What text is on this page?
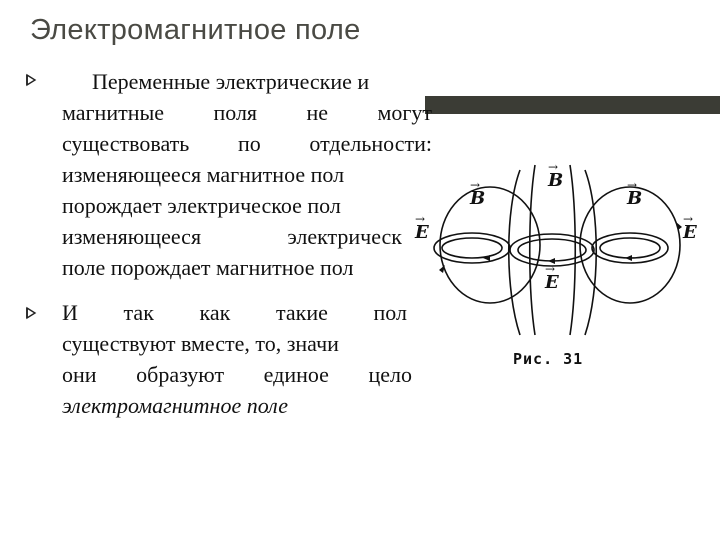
Электромагнитное поле
Переменные электрические и
магнитные поля не могут
существовать по отдельности:
изменяющееся магнитное пол
порождает электрическое пол
изменяющееся электрическ
поле порождает магнитное пол
И так как такие пол
существуют вместе, то, значи
они образуют единое цело
электромагнитное поле
→
B
→
B	→
B
→
E
→
E
→
E
Рис. 31
